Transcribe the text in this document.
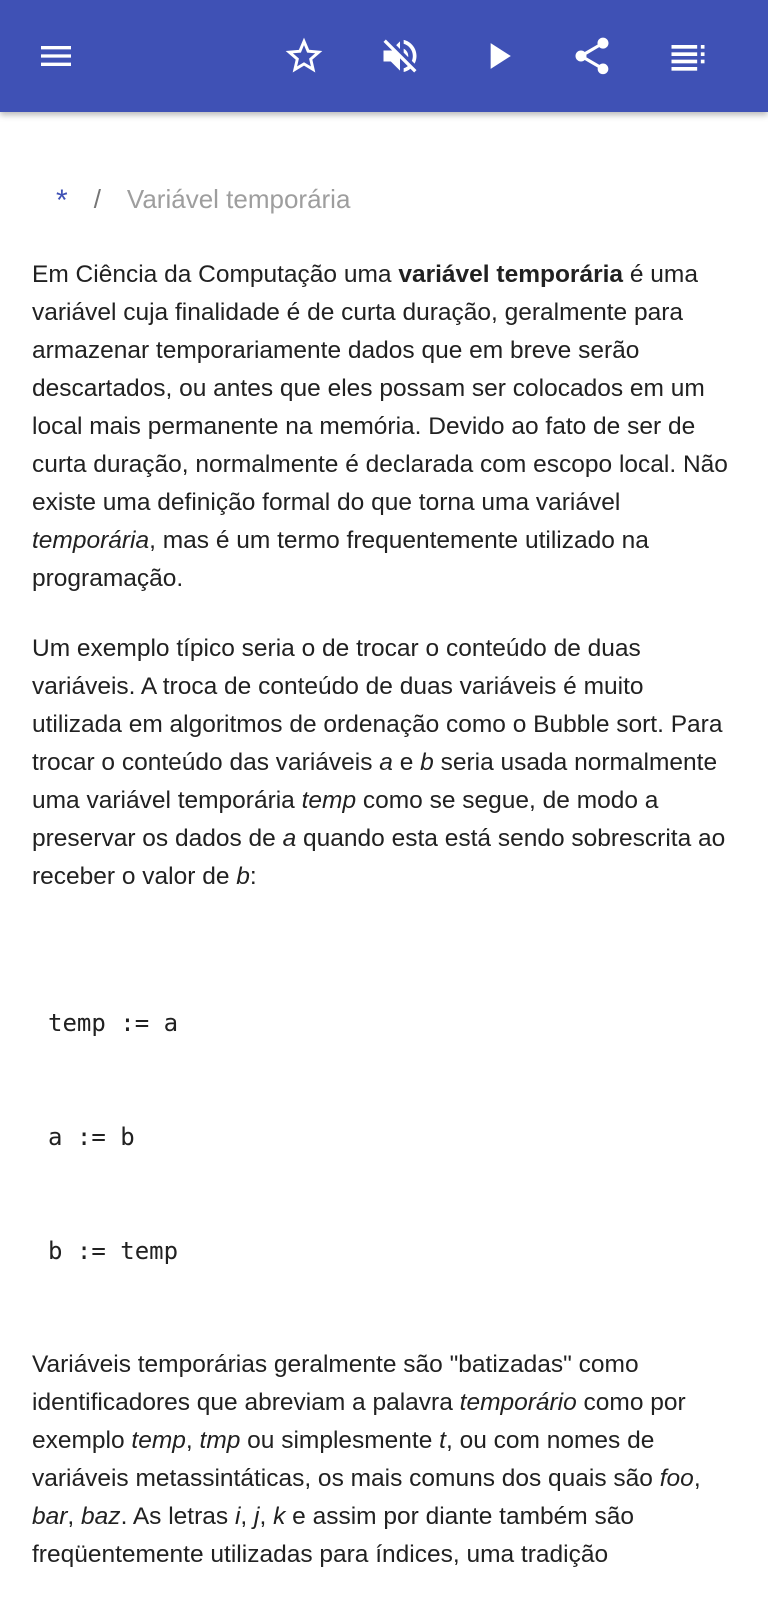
* / Variável temporária

Em Ciência da Computação uma variável temporária é uma variável cuja finalidade é de curta duração, geralmente para armazenar temporariamente dados que em breve serão descartados, ou antes que eles possam ser colocados em um local mais permanente na memória. Devido ao fato de ser de curta duração, normalmente é declarada com escopo local. Não existe uma definição formal do que torna uma variável temporária, mas é um termo frequentemente utilizado na programação.

Um exemplo típico seria o de trocar o conteúdo de duas variáveis. A troca de conteúdo de duas variáveis é muito utilizada em algoritmos de ordenação como o Bubble sort. Para trocar o conteúdo das variáveis a e b seria usada normalmente uma variável temporária temp como se segue, de modo a preservar os dados de a quando esta está sendo sobrescrita ao receber o valor de b:

temp := a

a := b

b := temp

Variáveis temporárias geralmente são "batizadas" como identificadores que abreviam a palavra temporário como por exemplo temp, tmp ou simplesmente t, ou com nomes de variáveis metassintáticas, os mais comuns dos quais são foo, bar, baz. As letras i, j, k e assim por diante também são freqüentemente utilizadas para índices, uma tradição
